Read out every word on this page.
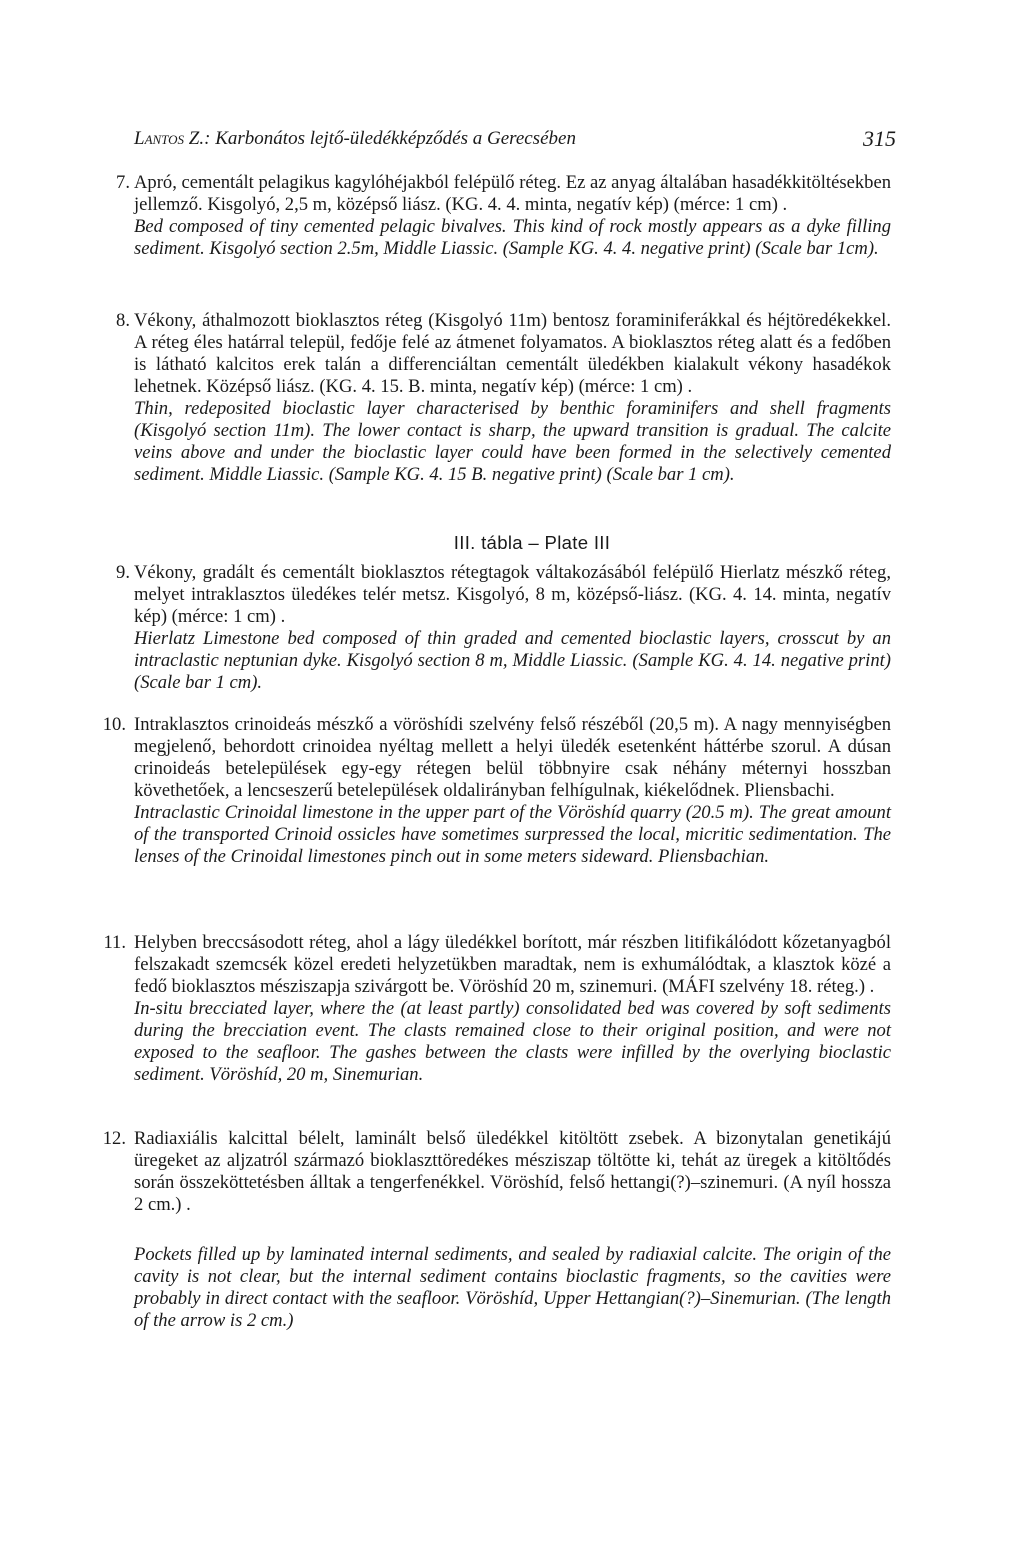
Lantos Z.: Karbonátos lejtő-üledékképződés a Gerecsében	315
7. Apró, cementált pelagikus kagylóhéjakból felépülő réteg. Ez az anyag általában hasadékkitöltésekben jellemző. Kisgolyó, 2,5 m, középső liász. (KG. 4. 4. minta, negatív kép) (mérce: 1 cm) .

Bed composed of tiny cemented pelagic bivalves. This kind of rock mostly appears as a dyke filling sediment. Kisgolyó section 2.5m, Middle Liassic. (Sample KG. 4. 4. negative print) (Scale bar 1cm).

8. Vékony, áthalmozott bioklasztos réteg (Kisgolyó 11m) bentosz foraminiferákkal és héjtöredékekkel. A réteg éles határral települ, fedője felé az átmenet folyamatos. A bioklasztos réteg alatt és a fedőben is látható kalcitos erek talán a differenciáltan cementált üledékben kialakult vékony hasadékok lehetnek. Középső liász. (KG. 4. 15. B. minta, negatív kép) (mérce: 1 cm) .

Thin, redeposited bioclastic layer characterised by benthic foraminifers and shell fragments (Kisgolyó section 11m). The lower contact is sharp, the upward transition is gradual. The calcite veins above and under the bioclastic layer could have been formed in the selectively cemented sediment. Middle Liassic. (Sample KG. 4. 15 B. negative print) (Scale bar 1 cm).

III. tábla – Plate III
9. Vékony, gradált és cementált bioklasztos rétegtagok váltakozásából felépülő Hierlatz mészkő réteg, melyet intraklasztos üledékes telér metsz. Kisgolyó, 8 m, középső-liász. (KG. 4. 14. minta, negatív kép) (mérce: 1 cm) .

Hierlatz Limestone bed composed of thin graded and cemented bioclastic layers, crosscut by an intraclastic neptunian dyke. Kisgolyó section 8 m, Middle Liassic. (Sample KG. 4. 14. negative print) (Scale bar 1 cm).

10. Intraklasztos crinoideás mészkő a vöröshídi szelvény felső részéből (20,5 m). A nagy mennyiségben megjelenő, behordott crinoidea nyéltag mellett a helyi üledék esetenként háttérbe szorul. A dúsan crinoideás betelepülések egy-egy rétegen belül többnyire csak néhány méternyi hosszban követhetőek, a lencseszerű betelepülések oldalirányban felhígulnak, kiékelődnek. Pliensbachi.

Intraclastic Crinoidal limestone in the upper part of the Vöröshíd quarry (20.5 m). The great amount of the transported Crinoid ossicles have sometimes surpressed the local, micritic sedimentation. The lenses of the Crinoidal limestones pinch out in some meters sideward. Pliensbachian.

11. Helyben breccsásodott réteg, ahol a lágy üledékkel borított, már részben litifikálódott kőzetanyagból felszakadt szemcsék közel eredeti helyzetükben maradtak, nem is exhumálódtak, a klasztok közé a fedő bioklasztos mésziszapja szivárgott be. Vöröshíd 20 m, szinemuri. (MÁFI szelvény 18. réteg.) .

In-situ brecciated layer, where the (at least partly) consolidated bed was covered by soft sediments during the brecciation event. The clasts remained close to their original position, and were not exposed to the seafloor. The gashes between the clasts were infilled by the overlying bioclastic sediment. Vöröshíd, 20 m, Sinemurian.

12. Radiaxiális kalcittal bélelt, laminált belső üledékkel kitöltött zsebek. A bizonytalan genetikájú üregeket az aljzatról származó bioklaszttöredékes mésziszap töltötte ki, tehát az üregek a kitöltődés során összeköttetésben álltak a tengerfenékkel. Vöröshíd, felső hettangi(?)–szinemuri. (A nyíl hossza 2 cm.) .

Pockets filled up by laminated internal sediments, and sealed by radiaxial calcite. The origin of the cavity is not clear, but the internal sediment contains bioclastic fragments, so the cavities were probably in direct contact with the seafloor. Vöröshíd, Upper Hettangian(?)–Sinemurian. (The length of the arrow is 2 cm.)
